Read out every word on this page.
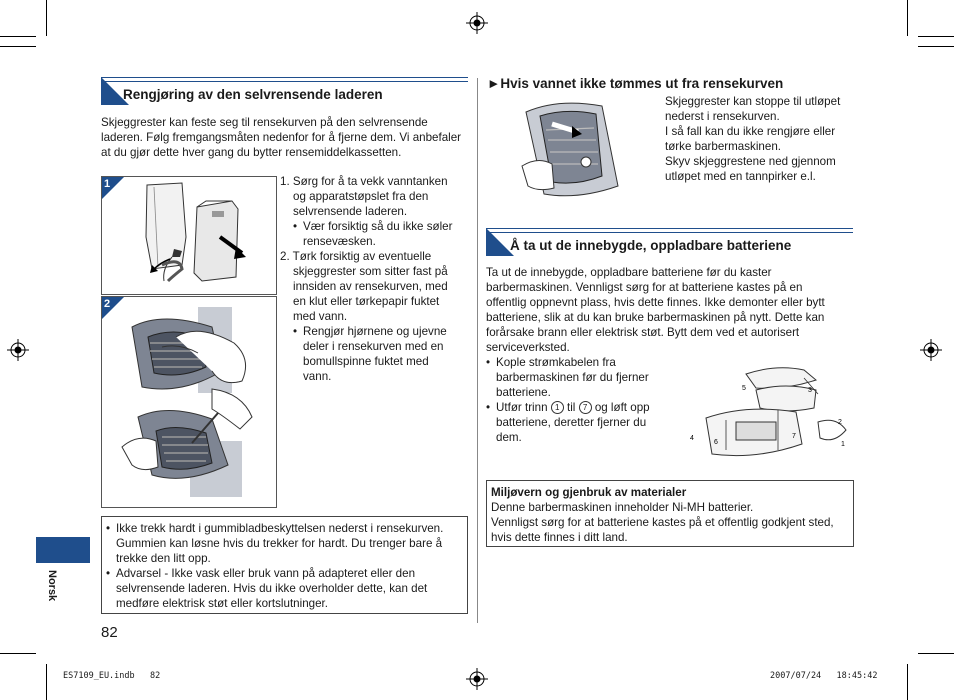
Rengjøring av den selvrensende laderen
Skjeggrester kan feste seg til rensekurven på den selvrensende laderen. Følg fremgangsmåten nedenfor for å fjerne dem. Vi anbefaler at du gjør dette hver gang du bytter rensemiddelkassetten.
1
2
1. Sørg for å ta vekk vanntanken og apparatstøpslet fra den selvrensende laderen.
• Vær forsiktig så du ikke søler rensevæsken.
2. Tørk forsiktig av eventuelle skjeggrester som sitter fast på innsiden av rensekurven, med en klut eller tørkepapir fuktet med vann.
• Rengjør hjørnene og ujevne deler i rensekurven med en bomullspinne fuktet med vann.
• Ikke trekk hardt i gummibladbeskyttelsen nederst i rensekurven. Gummien kan løsne hvis du trekker for hardt. Du trenger bare å trekke den litt opp.
• Advarsel - Ikke vask eller bruk vann på adapteret eller den selvrensende laderen. Hvis du ikke overholder dette, kan det medføre elektrisk støt eller kortslutninger.
Norsk
82
►Hvis vannet ikke tømmes ut fra rensekurven

Skjeggrester kan stoppe til utløpet nederst i rensekurven.

I så fall kan du ikke rengjøre eller tørke barbermaskinen.

Skyv skjeggrestene ned gjennom utløpet med en tannpirker e.l.

Å ta ut de innebygde, oppladbare batteriene
Ta ut de innebygde, oppladbare batteriene før du kaster barbermaskinen. Vennligst sørg for at batteriene kastes på en offentlig oppnevnt plass, hvis dette finnes. Ikke demonter eller bytt batteriene, slik at du kan bruke barbermaskinen på nytt. Dette kan forårsake brann eller elektrisk støt. Bytt dem ved et autorisert serviceverksted.
• Kople strømkabelen fra barbermaskinen før du fjerner batteriene.
• Utfør trinn 1 til 7 og løft opp batteriene, deretter fjerner du dem.
1
2
3
4
5
6
7
Miljøvern og gjenbruk av materialer
Denne barbermaskinen inneholder Ni-MH batterier.
Vennligst sørg for at batteriene kastes på et offentlig godkjent sted, hvis dette finnes i ditt land.
ES7109_EU.indb   82	2007/07/24   18:45:42
